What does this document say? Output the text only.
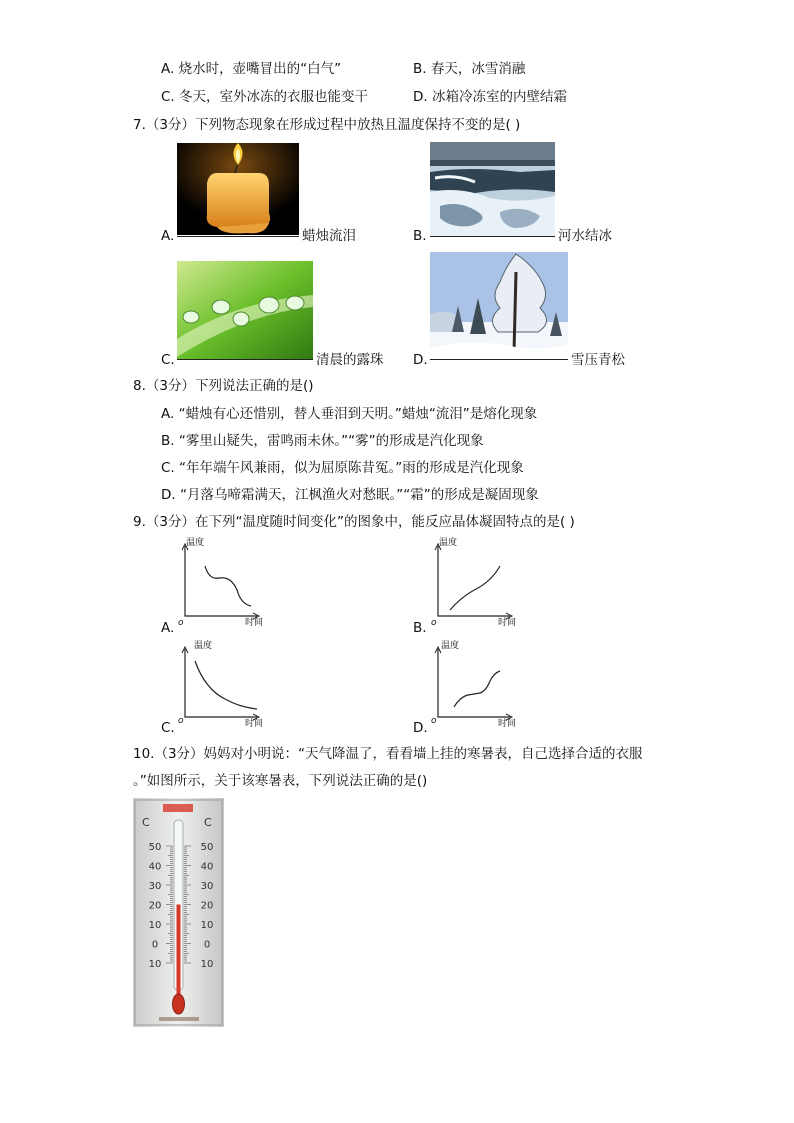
A. 烧水时，壶嘴冒出的“白气”	B. 春天，冰雪消融
C. 冬天，室外冰冻的衣服也能变干	D. 冰箱冷冻室的内壁结霜
7.（3分）下列物态现象在形成过程中放热且温度保持不变的是( )
A.	蜡烛流泪	B.	河水结冰
C.	清晨的露珠 D.	雪压青松
8.（3分）下列说法正确的是()
A. “蜡烛有心还惜别，替人垂泪到天明。”蜡烛“流泪”是熔化现象
B. “雾里山疑失，雷鸣雨未休。”“雾”的形成是汽化现象
C. “年年端午风兼雨，似为屈原陈昔冤。”雨的形成是汽化现象
D. “月落乌啼霜满天，江枫渔火对愁眠。”“霜”的形成是凝固现象
9.（3分）在下列“温度随时间变化”的图象中，能反应晶体凝固特点的是( )
A.
温度
时间
o	B.
温度
时间
o
C.
温度
时间
o	D.
温度
时间
o
10.（3分）妈妈对小明说：“天气降温了，看看墙上挂的寒暑表，自己选择合适的衣服
。”如图所示，关于该寒暑表，下列说法正确的是()
C	C
50
40
30
20
10
0
10
50
40
30
20
10
0
10
